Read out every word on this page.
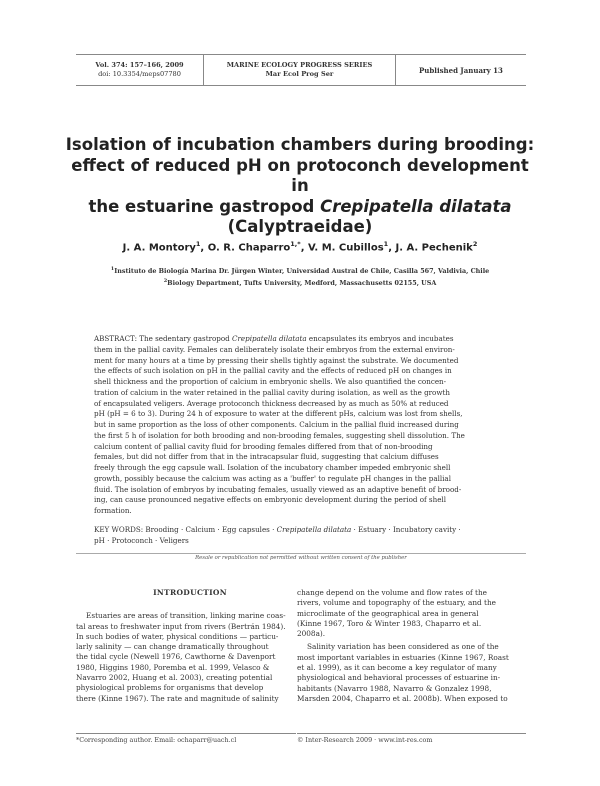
Vol. 374: 157–166, 2009
doi: 10.3354/meps07780
MARINE ECOLOGY PROGRESS SERIES
Mar Ecol Prog Ser	Published January 13
Isolation of incubation chambers during brooding:
effect of reduced pH on protoconch development in
the estuarine gastropod Crepipatella dilatata
(Calyptraeidae)
J. A. Montory$^1$, O. R. Chaparro$^{1,*}$, V. M. Cubillos$^1$, J. A. Pechenik$^2$
$^1$Instituto de Biología Marina Dr. Jürgen Winter, Universidad Austral de Chile, Casilla 567, Valdivia, Chile
$^2$Biology Department, Tufts University, Medford, Massachusetts 02155, USA
ABSTRACT: The sedentary gastropod Crepipatella dilatata encapsulates its embryos and incubates
them in the pallial cavity. Females can deliberately isolate their embryos from the external environ-
ment for many hours at a time by pressing their shells tightly against the substrate. We documented
the effects of such isolation on pH in the pallial cavity and the effects of reduced pH on changes in
shell thickness and the proportion of calcium in embryonic shells. We also quantified the concen-
tration of calcium in the water retained in the pallial cavity during isolation, as well as the growth
of encapsulated veligers. Average protoconch thickness decreased by as much as 50% at reduced
pH (pH = 6 to 3). During 24 h of exposure to water at the different pHs, calcium was lost from shells,
but in same proportion as the loss of other components. Calcium in the pallial fluid increased during
the first 5 h of isolation for both brooding and non-brooding females, suggesting shell dissolution. The
calcium content of pallial cavity fluid for brooding females differed from that of non-brooding
females, but did not differ from that in the intracapsular fluid, suggesting that calcium diffuses
freely through the egg capsule wall. Isolation of the incubatory chamber impeded embryonic shell
growth, possibly because the calcium was acting as a 'buffer' to regulate pH changes in the pallial
fluid. The isolation of embryos by incubating females, usually viewed as an adaptive benefit of brood-
ing, can cause pronounced negative effects on embryonic development during the period of shell
formation.
KEY WORDS: Brooding · Calcium · Egg capsules · Crepipatella dilatata · Estuary · Incubatory cavity ·
pH · Protoconch · Veligers
Resale or republication not permitted without written consent of the publisher
INTRODUCTION
Estuaries are areas of transition, linking marine coas-
tal areas to freshwater input from rivers (Bertrán 1984).
In such bodies of water, physical conditions — particu-
larly salinity — can change dramatically throughout
the tidal cycle (Newell 1976, Cawthorne & Davenport
1980, Higgins 1980, Poremba et al. 1999, Velasco &
Navarro 2002, Huang et al. 2003), creating potential
physiological problems for organisms that develop
there (Kinne 1967). The rate and magnitude of salinity
change depend on the volume and flow rates of the
rivers, volume and topography of the estuary, and the
microclimate of the geographical area in general
(Kinne 1967, Toro & Winter 1983, Chaparro et al.
2008a).
Salinity variation has been considered as one of the
most important variables in estuaries (Kinne 1967, Roast
et al. 1999), as it can become a key regulator of many
physiological and behavioral processes of estuarine in-
habitants (Navarro 1988, Navarro & Gonzalez 1998,
Marsden 2004, Chaparro et al. 2008b). When exposed to
*Corresponding author. Email: ochaparr@uach.cl	© Inter-Research 2009 · www.int-res.com
